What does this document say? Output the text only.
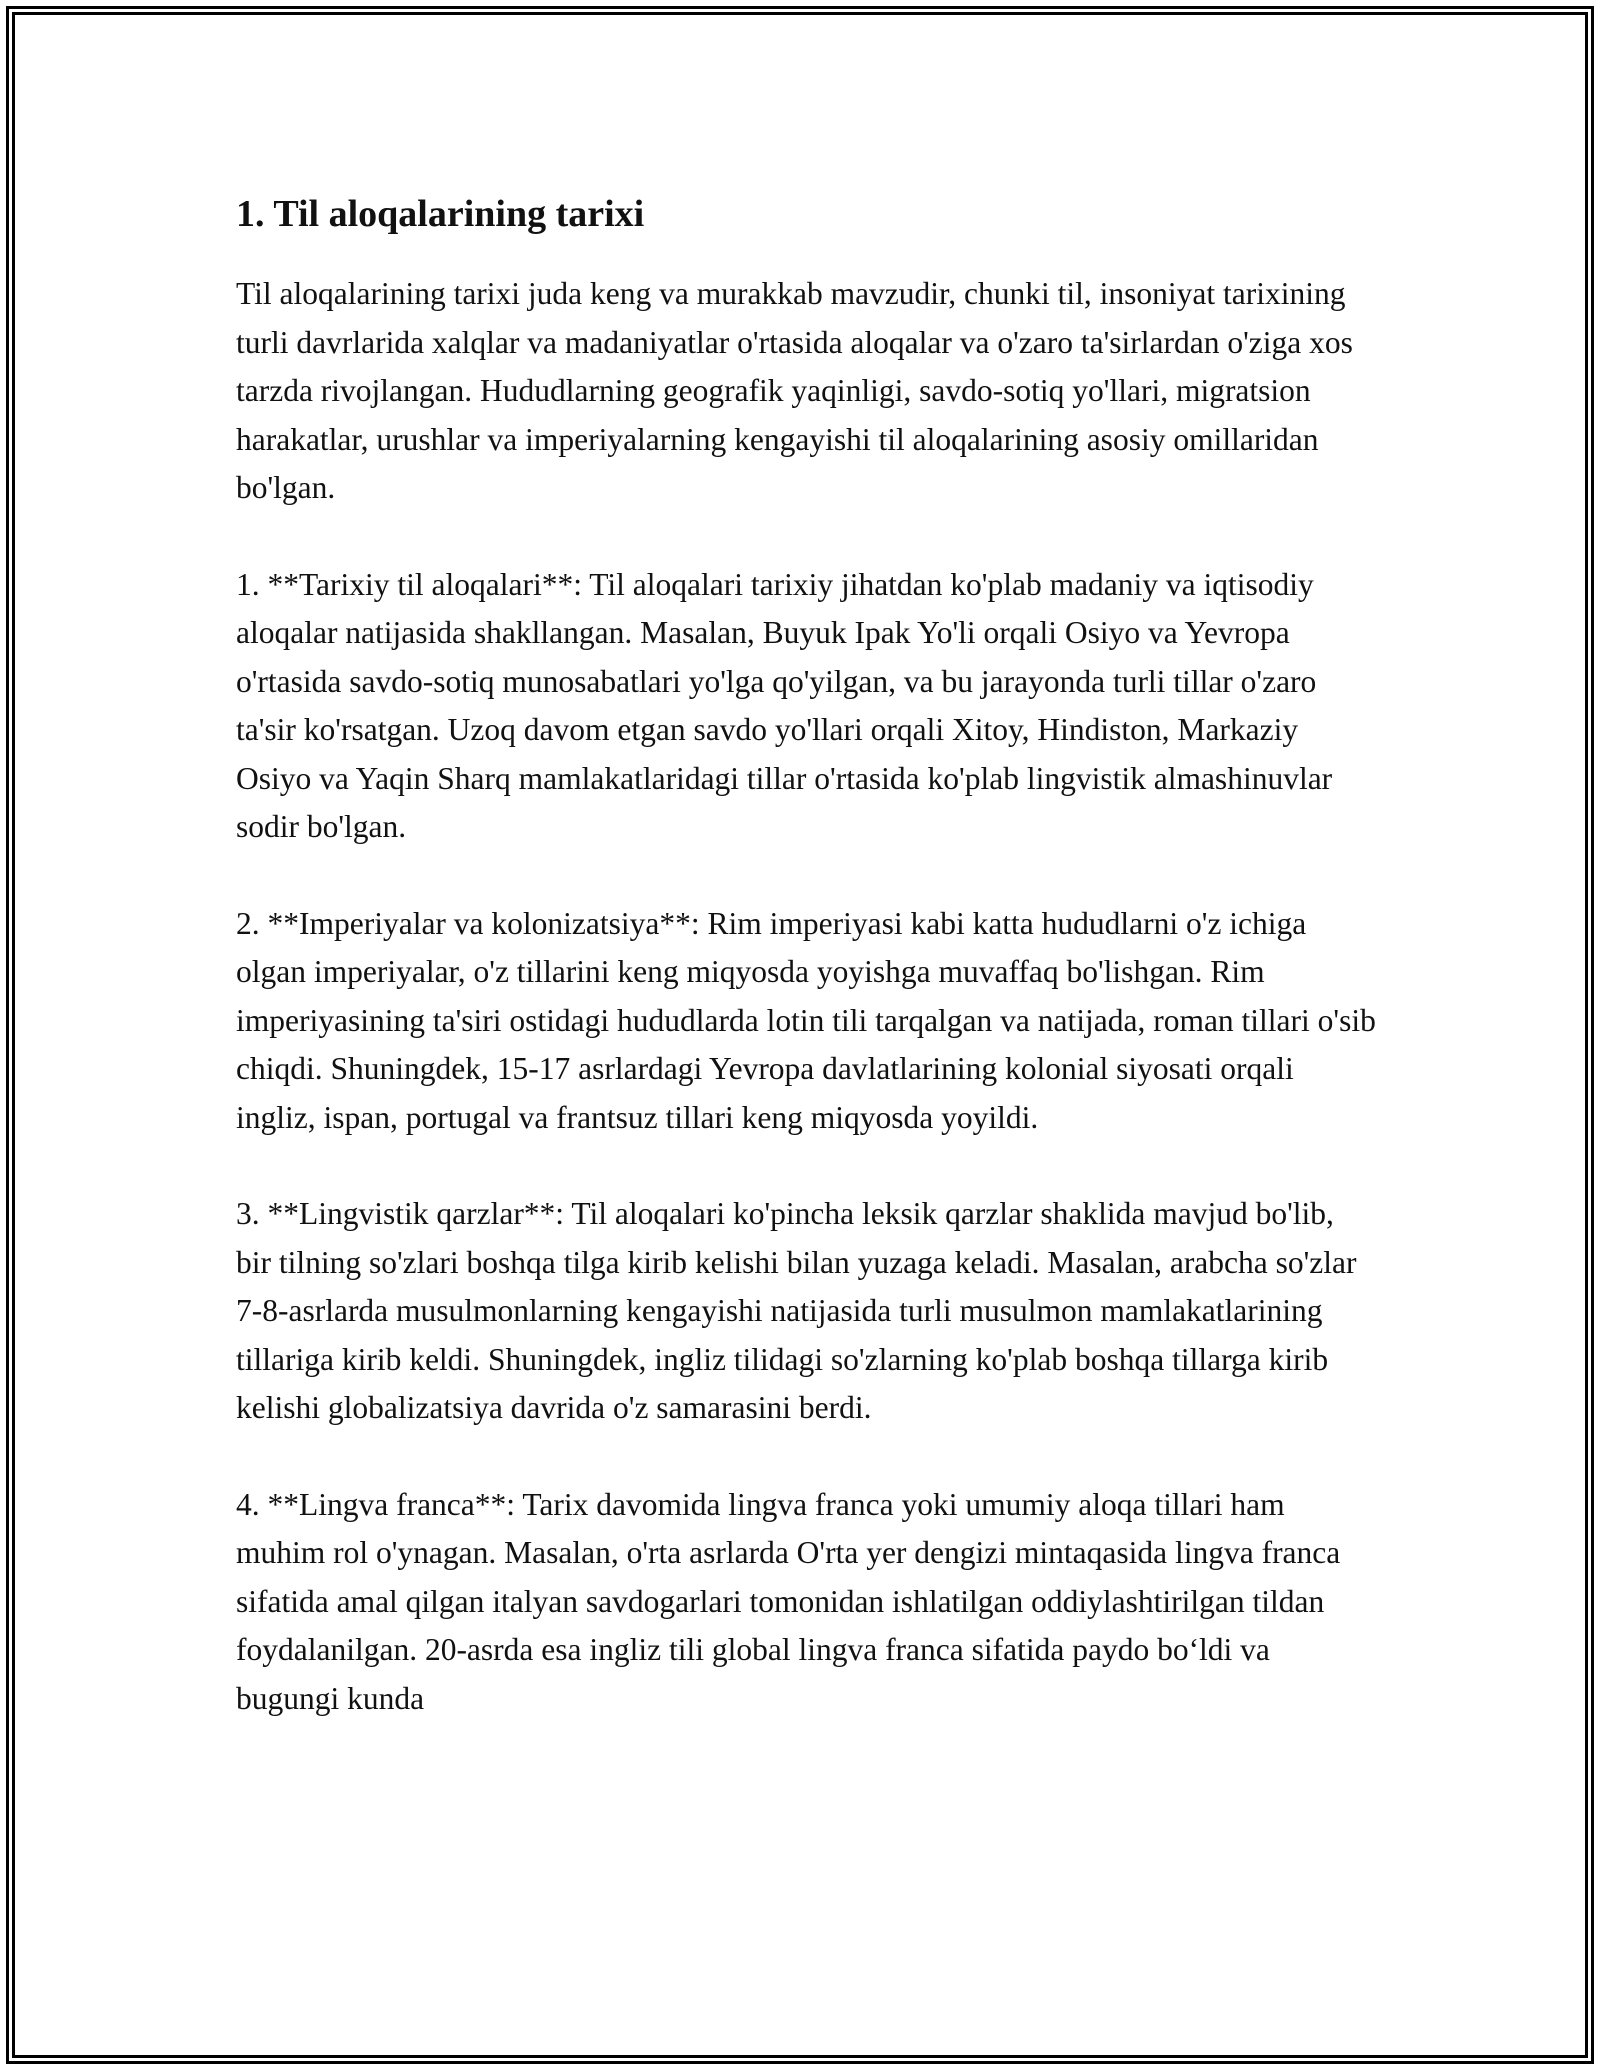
1. Til aloqalarining tarixi

Til aloqalarining tarixi juda keng va murakkab mavzudir, chunki til, insoniyat tarixining turli davrlarida xalqlar va madaniyatlar o'rtasida aloqalar va o'zaro ta'sirlardan o'ziga xos tarzda rivojlangan. Hududlarning geografik yaqinligi, savdo-sotiq yo'llari, migratsion harakatlar, urushlar va imperiyalarning kengayishi til aloqalarining asosiy omillaridan bo'lgan.

1. **Tarixiy til aloqalari**: Til aloqalari tarixiy jihatdan ko'plab madaniy va iqtisodiy aloqalar natijasida shakllangan. Masalan, Buyuk Ipak Yo'li orqali Osiyo va Yevropa o'rtasida savdo-sotiq munosabatlari yo'lga qo'yilgan, va bu jarayonda turli tillar o'zaro ta'sir ko'rsatgan. Uzoq davom etgan savdo yo'llari orqali Xitoy, Hindiston, Markaziy Osiyo va Yaqin Sharq mamlakatlaridagi tillar o'rtasida ko'plab lingvistik almashinuvlar sodir bo'lgan.

2. **Imperiyalar va kolonizatsiya**: Rim imperiyasi kabi katta hududlarni o'z ichiga olgan imperiyalar, o'z tillarini keng miqyosda yoyishga muvaffaq bo'lishgan. Rim imperiyasining ta'siri ostidagi hududlarda lotin tili tarqalgan va natijada, roman tillari o'sib chiqdi. Shuningdek, 15-17 asrlardagi Yevropa davlatlarining kolonial siyosati orqali ingliz, ispan, portugal va frantsuz tillari keng miqyosda yoyildi.

3. **Lingvistik qarzlar**: Til aloqalari ko'pincha leksik qarzlar shaklida mavjud bo'lib, bir tilning so'zlari boshqa tilga kirib kelishi bilan yuzaga keladi. Masalan, arabcha so'zlar 7-8-asrlarda musulmonlarning kengayishi natijasida turli musulmon mamlakatlarining tillariga kirib keldi. Shuningdek, ingliz tilidagi so'zlarning ko'plab boshqa tillarga kirib kelishi globalizatsiya davrida o'z samarasini berdi.

4. **Lingva franca**: Tarix davomida lingva franca yoki umumiy aloqa tillari ham muhim rol o'ynagan. Masalan, o'rta asrlarda O'rta yer dengizi mintaqasida lingva franca sifatida amal qilgan italyan savdogarlari tomonidan ishlatilgan oddiylashtirilgan tildan foydalanilgan. 20-asrda esa ingliz tili global lingva franca sifatida paydo bo‘ldi va bugungi kunda
